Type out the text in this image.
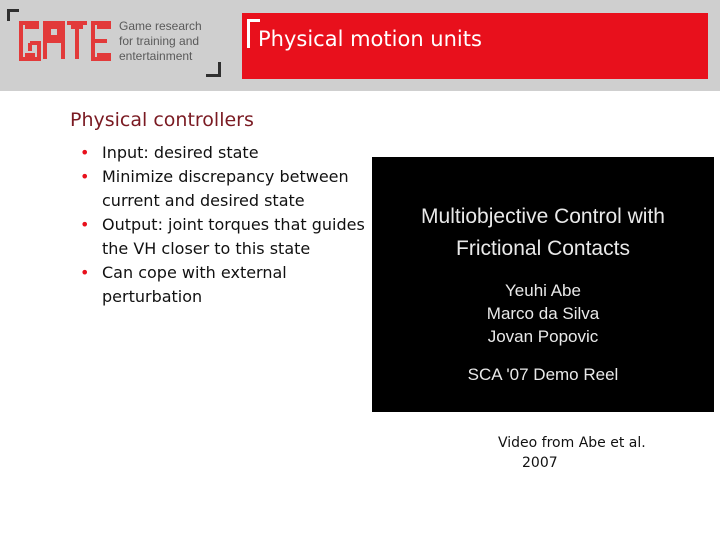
Game research
for training and
entertainment
Physical motion units
Physical controllers
• Input: desired state
• Minimize discrepancy between current and desired state
• Output: joint torques that guides the VH closer to this state
• Can cope with external perturbation
Multiobjective Control with
Frictional Contacts
Yeuhi Abe
Marco da Silva
Jovan Popovic
SCA '07 Demo Reel
Video from Abe et al.
2007
